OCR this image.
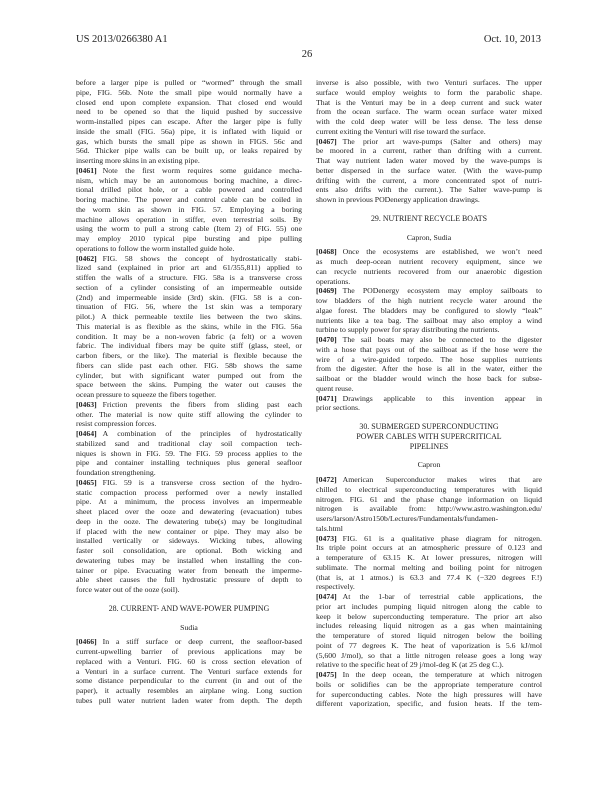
US 2013/0266380 A1	Oct. 10, 2013
26
before a larger pipe is pulled or “wormed” through the small
pipe, FIG. 56b. Note the small pipe would normally have a
closed end upon complete expansion. That closed end would
need to be opened so that the liquid pushed by successive
worm-installed pipes can escape. After the larger pipe is fully
inside the small (FIG. 56a) pipe, it is inflated with liquid or
gas, which bursts the small pipe as shown in FIGS. 56c and
56d. Thicker pipe walls can be built up, or leaks repaired by
inserting more skins in an existing pipe.
[0461] Note the first worm requires some guidance mecha-
nism, which may be an autonomous boring machine, a direc-
tional drilled pilot hole, or a cable powered and controlled
boring machine. The power and control cable can be coiled in
the worm skin as shown in FIG. 57. Employing a boring
machine allows operation in stiffer, even terrestrial soils. By
using the worm to pull a strong cable (Item 2) of FIG. 55) one
may employ 2010 typical pipe bursting and pipe pulling
operations to follow the worm installed guide hole.
[0462] FIG. 58 shows the concept of hydrostatically stabi-
lized sand (explained in prior art and 61/355,811) applied to
stiffen the walls of a structure. FIG. 58a is a transverse cross
section of a cylinder consisting of an impermeable outside
(2nd) and impermeable inside (3rd) skin. (FIG. 58 is a con-
tinuation of FIG. 56, where the 1st skin was a temporary
pilot.) A thick permeable textile lies between the two skins.
This material is as flexible as the skins, while in the FIG. 56a
condition. It may be a non-woven fabric (a felt) or a woven
fabric. The individual fibers may be quite stiff (glass, steel, or
carbon fibers, or the like). The material is flexible because the
fibers can slide past each other. FIG. 58b shows the same
cylinder, but with significant water pumped out from the
space between the skins. Pumping the water out causes the
ocean pressure to squeeze the fibers together.
[0463] Friction prevents the fibers from sliding past each
other. The material is now quite stiff allowing the cylinder to
resist compression forces.
[0464] A combination of the principles of hydrostatically
stabilized sand and traditional clay soil compaction tech-
niques is shown in FIG. 59. The FIG. 59 process applies to the
pipe and container installing techniques plus general seafloor
foundation strengthening.
[0465] FIG. 59 is a transverse cross section of the hydro-
static compaction process performed over a newly installed
pipe. At a minimum, the process involves an impermeable
sheet placed over the ooze and dewatering (evacuation) tubes
deep in the ooze. The dewatering tube(s) may be longitudinal
if placed with the new container or pipe. They may also be
installed vertically or sideways. Wicking tubes, allowing
faster soil consolidation, are optional. Both wicking and
dewatering tubes may be installed when installing the con-
tainer or pipe. Evacuating water from beneath the imperme-
able sheet causes the full hydrostatic pressure of depth to
force water out of the ooze (soil).
28. CURRENT- AND WAVE-POWER PUMPING
Sudia
[0466] In a stiff surface or deep current, the seafloor-based
current-upwelling barrier of previous applications may be
replaced with a Venturi. FIG. 60 is cross section elevation of
a Venturi in a surface current. The Venturi surface extends for
some distance perpendicular to the current (in and out of the
paper), it actually resembles an airplane wing. Long suction
tubes pull water nutrient laden water from depth. The depth
inverse is also possible, with two Venturi surfaces. The upper
surface would employ weights to form the parabolic shape.
That is the Venturi may be in a deep current and suck water
from the ocean surface. The warm ocean surface water mixed
with the cold deep water will be less dense. The less dense
current exiting the Venturi will rise toward the surface.
[0467] The prior art wave-pumps (Salter and others) may
be moored in a current, rather than drifting with a current.
That way nutrient laden water moved by the wave-pumps is
better dispersed in the surface water. (With the wave-pump
drifting with the current, a more concentrated spot of nutri-
ents also drifts with the current.). The Salter wave-pump is
shown in previous PODenergy application drawings.
29. NUTRIENT RECYCLE BOATS
Capron, Sudia
[0468] Once the ecosystems are established, we won’t need
as much deep-ocean nutrient recovery equipment, since we
can recycle nutrients recovered from our anaerobic digestion
operations.
[0469] The PODenergy ecosystem may employ sailboats to
tow bladders of the high nutrient recycle water around the
algae forest. The bladders may be configured to slowly “leak”
nutrients like a tea bag. The sailboat may also employ a wind
turbine to supply power for spray distributing the nutrients.
[0470] The sail boats may also be connected to the digester
with a hose that pays out of the sailboat as if the hose were the
wire of a wire-guided torpedo. The hose supplies nutrients
from the digester. After the hose is all in the water, either the
sailboat or the bladder would winch the hose back for subse-
quent reuse.
[0471] Drawings applicable to this invention appear in
prior sections.
30. SUBMERGED SUPERCONDUCTING
POWER CABLES WITH SUPERCRITICAL
PIPELINES
Capron
[0472] American Superconductor makes wires that are
chilled to electrical superconducting temperatures with liquid
nitrogen. FIG. 61 and the phase change information on liquid
nitrogen is available from: http://www.astro.washington.edu/
users/larson/Astro150b/Lectures/Fundamentals/fundamen-
tals.html
[0473] FIG. 61 is a qualitative phase diagram for nitrogen.
Its triple point occurs at an atmospheric pressure of 0.123 and
a temperature of 63.15 K. At lower pressures, nitrogen will
sublimate. The normal melting and boiling point for nitrogen
(that is, at 1 atmos.) is 63.3 and 77.4 K (−320 degrees F.!)
respectively.
[0474] At the 1-bar of terrestrial cable applications, the
prior art includes pumping liquid nitrogen along the cable to
keep it below superconducting temperature. The prior art also
includes releasing liquid nitrogen as a gas when maintaining
the temperature of stored liquid nitrogen below the boiling
point of 77 degrees K. The heat of vaporization is 5.6 kJ/mol
(5,600 J/mol), so that a little nitrogen release goes a long way
relative to the specific heat of 29 j/mol-deg K (at 25 deg C.).
[0475] In the deep ocean, the temperature at which nitrogen
boils or solidifies can be the appropriate temperature control
for superconducting cables. Note the high pressures will have
different vaporization, specific, and fusion heats. If the tem-
